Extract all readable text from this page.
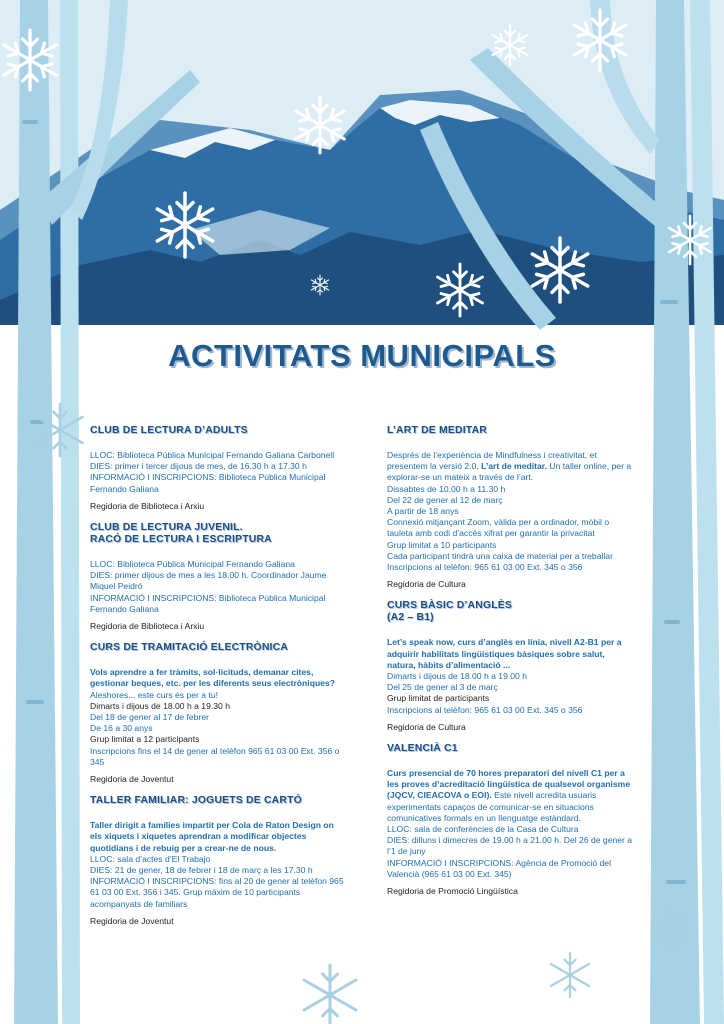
ACTIVITATS MUNICIPALS
CLUB DE LECTURA D’ADULTS

LLOC: Biblioteca Pública Municipal Fernando Galiana Carbonell

DIES: primer i tercer dijous de mes, de 16.30 h a 17.30 h

INFORMACIÓ I INSCRIPCIONS: Biblioteca Pública Municipal Fernando Galiana

Regidoria de Biblioteca i Arxiu

CLUB DE LECTURA JUVENIL.
RACÓ DE LECTURA I ESCRIPTURA

LLOC: Biblioteca Pública Municipal Fernando Galiana

DIES: primer dijous de mes a les 18.00 h. Coordinador Jaume Miquel Peidró

INFORMACIÓ I INSCRIPCIONS: Biblioteca Pública Municipal Fernando Galiana

Regidoria de Biblioteca i Arxiu

CURS DE TRAMITACIÓ ELECTRÒNICA

Vols aprendre a fer tràmits, sol·licituds, demanar cites, gestionar beques, etc. per les diferents seus electròniques? Aleshores... este curs és per a tu!

Dimarts i dijous de 18.00 h a 19.30 h

Del 18 de gener al 17 de febrer

De 16 a 30 anys

Grup limitat a 12 participants

Inscripcions fins el 14 de gener al telèfon 965 61 03 00 Ext. 356 o 345

Regidoria de Joventut

TALLER FAMILIAR: JOGUETS DE CARTÓ

Taller dirigit a famílies impartit per Cola de Raton Design on els xiquets i xiquetes aprendran a modificar objectes quotidians i de rebuig per a crear-ne de nous.

LLOC: sala d’actes d’El Trabajo

DIES: 21 de gener, 18 de febrer i 18 de març a les 17.30 h

INFORMACIÓ I INSCRIPCIONS: fins al 20 de gener al telèfon 965 61 03 00 Ext. 356 i 345. Grup màxim de 10 participants acompanyats de familiars

Regidoria de Joventut

L’ART DE MEDITAR

Després de l’experiència de Mindfulness i creativitat, et presentem la versió 2.0, L’art de meditar. Un taller online, per a explorar-se un mateix a través de l’art.

Dissabtes de 10.00 h a 11.30 h

Del 22 de gener al 12 de març

A partir de 18 anys

Connexió mitjançant Zoom, vàlida per a ordinador, mòbil o tauleta amb codi d’accés xifrat per garantir la privacitat

Grup limitat a 10 participants

Cada participant tindrà una caixa de material per a treballar

Inscripcions al telèfon: 965 61 03 00 Ext. 345 o 356

Regidoria de Cultura

CURS BÀSIC D’ANGLÈS
(A2 – B1)

Let’s speak now, curs d’anglès en línia, nivell A2-B1 per a adquirir habilitats lingüístiques bàsiques sobre salut, natura, hàbits d’alimentació ...

Dimarts i dijous de 18.00 h a 19.00 h

Del 25 de gener al 3 de març

Grup limitat de participants

Inscripcions al telèfon: 965 61 03 00 Ext. 345 o 356

Regidoria de Cultura

VALENCIÀ C1

Curs presencial de 70 hores preparatori del nivell C1 per a les proves d’acreditació lingüística de qualsevol organisme (JQCV, CIEACOVA o EOI). Este nivell acredita usuaris experimentats capaços de comunicar-se en situacions comunicatives formals en un llenguatge estàndard.

LLOC: sala de conferències de la Casa de Cultura

DIES: dilluns i dimecres de 19.00 h a 21.00 h. Del 26 de gener a l’1 de juny

INFORMACIÓ I INSCRIPCIONS: Agència de Promoció del Valencià (965 61 03 00 Ext. 345)

Regidoria de Promoció Lingüística
